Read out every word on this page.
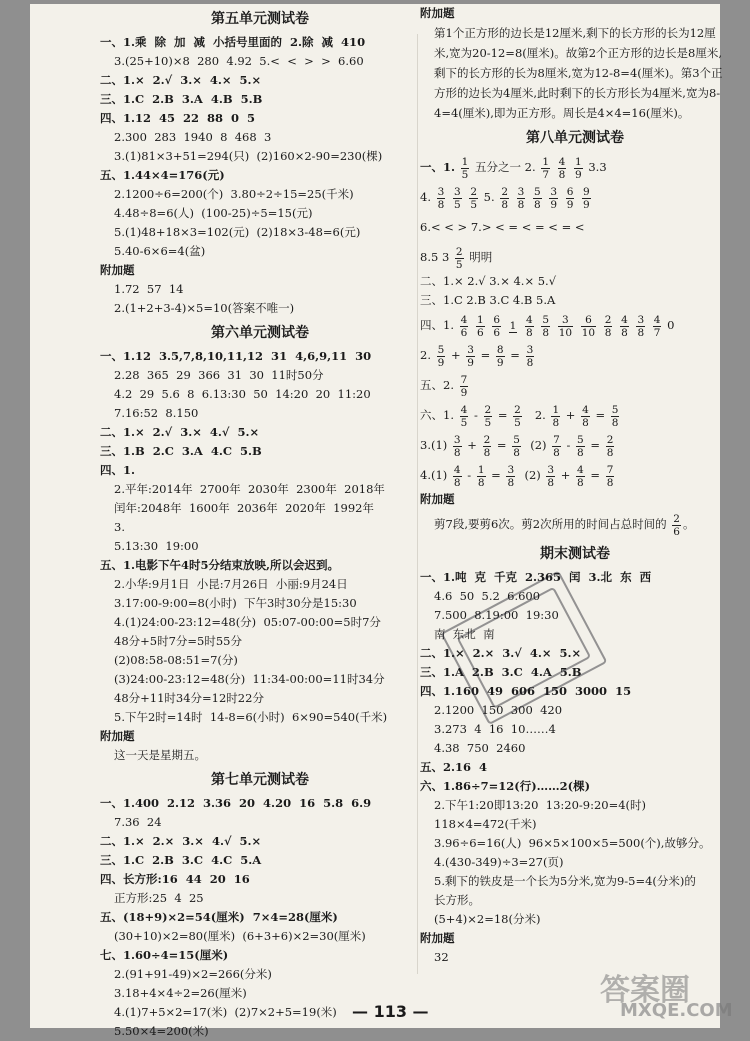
第五单元测试卷
一、1.乘  除  加  减  小括号里面的  2.除  减  410
3.(25+10)×8  280  4.92  5.<  <  >  >  6.60
二、1.×  2.√  3.×  4.×  5.×
三、1.C  2.B  3.A  4.B  5.B
四、1.12  45  22  88  0  5
2.300  283  1940  8  468  3
3.(1)81×3+51=294(只)  (2)160×2-90=230(棵)
五、1.44×4=176(元)
2.1200÷6=200(个)  3.80÷2÷15=25(千米)
4.48÷8=6(人)  (100-25)÷5=15(元)
5.(1)48+18×3=102(元)  (2)18×3-48=6(元)
5.40-6×6=4(盆)
附加题
1.72  57  14
2.(1+2+3-4)×5=10(答案不唯一)
第六单元测试卷
一、1.12  3.5,7,8,10,11,12  31  4,6,9,11  30
2.28  365  29  366  31  30  11时50分
4.2  29  5.6  8  6.13:30  50  14:20  20  11:20
7.16:52  8.150
二、1.×  2.√  3.×  4.√  5.×
三、1.B  2.C  3.A  4.C  5.B
四、1.
2.平年:2014年  2700年  2030年  2300年  2018年
闰年:2048年  1600年  2036年  2020年  1992年
3.
5.13:30  19:00
五、1.电影下午4时5分结束放映,所以会迟到。
2.小华:9月1日  小昆:7月26日  小丽:9月24日
3.17:00-9:00=8(小时)  下午3时30分是15:30
4.(1)24:00-23:12=48(分)  05:07-00:00=5时7分
48分+5时7分=5时55分
(2)08:58-08:51=7(分)
(3)24:00-23:12=48(分)  11:34-00:00=11时34分
48分+11时34分=12时22分
5.下午2时=14时  14-8=6(小时)  6×90=540(千米)
附加题
这一天是星期五。
第七单元测试卷
一、1.400  2.12  3.36  20  4.20  16  5.8  6.9
7.36  24
二、1.×  2.×  3.×  4.√  5.×
三、1.C  2.B  3.C  4.C  5.A
四、长方形:16  44  20  16
正方形:25  4  25
五、(18+9)×2=54(厘米)  7×4=28(厘米)
(30+10)×2=80(厘米)  (6+3+6)×2=30(厘米)
七、1.60÷4=15(厘米)
2.(91+91-49)×2=266(分米)
3.18+4×4÷2=26(厘米)
4.(1)7+5×2=17(米)  (2)7×2+5=19(米)
5.50×4=200(米)
附加题
第1个正方形的边长是12厘米,剩下的长方形的长为12厘米,宽为20-12=8(厘米)。故第2个正方形的边长是8厘米,剩下的长方形的长为8厘米,宽为12-8=4(厘米)。第3个正方形的边长为4厘米,此时剩下的长方形长为4厘米,宽为8-4=4(厘米),即为正方形。周长是4×4=16(厘米)。
第八单元测试卷
一、1. $\frac{1}{5}$ 五分之一 2. $\frac{1}{7}$
$\frac{4}{8}$
$\frac{1}{9} 3.3$
4. $\frac{3}{8}$
$\frac{3}{5}$
$\frac{2}{5} 5$. $\frac{2}{8}$
$\frac{3}{8}$
$\frac{5}{8}$
$\frac{3}{9}$
$\frac{6}{9}$
$\frac{9}{9}$
6.< < > 7.> < = < = < = <
8.5 $3 \frac{2}{5}$ 明明
二、1.× 2.√ 3.× 4.× 5.√
三、1.C 2.B 3.C 4.B 5.A
四、1. $\frac{4}{6}$
$\frac{1}{6}$
$\frac{6}{6}$
1
$\frac{4}{8}$
$\frac{5}{8}$
$\frac{3}{10}$
$\frac{6}{10}$
$\frac{2}{8}$
$\frac{4}{8}$
$\frac{3}{8}$
$\frac{4}{7} 0$
2. $\frac{5}{9} + \frac{3}{9} = \frac{8}{9} = \frac{3}{8}$
五、2. $\frac{7}{9}$
六、1. $\frac{4}{5} - \frac{2}{5} = \frac{2}{5} 2$. $\frac{1}{8} + \frac{4}{8} = \frac{5}{8}$
$3.(1) \frac{3}{8} + \frac{2}{8} = \frac{5}{8} (2) \frac{7}{8} - \frac{5}{8} = \frac{2}{8}$
$4.(1) \frac{4}{8} - \frac{1}{8} = \frac{3}{8} (2) \frac{3}{8} + \frac{4}{8} = \frac{7}{8}$
附加题
剪7段,要剪6次。剪2次所用的时间占总时间的 $\frac{2}{6}$ 。
期末测试卷
一、1.吨  克  千克  2.365  闰  3.北  东  西
4.6  50  5.2  6.600
7.500  8.19:00  19:30
南  东北  南
二、1.×  2.×  3.√  4.×  5.×
三、1.A  2.B  3.C  4.A  5.B
四、1.160  49  606  150  3000  15
2.1200  150  300  420
3.273  4  16  10……4
4.38  750  2460
五、2.16  4
六、1.86÷7=12(行)……2(棵)
2.下午1:20即13:20  13:20-9:20=4(时)
118×4=472(千米)
3.96÷6=16(人)  96×5×100×5=500(个),故够分。
4.(430-349)÷3=27(页)
5.剩下的铁皮是一个长为5分米,宽为9-5=4(分米)的
长方形。
(5+4)×2=18(分米)
附加题
32
— 113 —
答案圈
MXQE.COM
